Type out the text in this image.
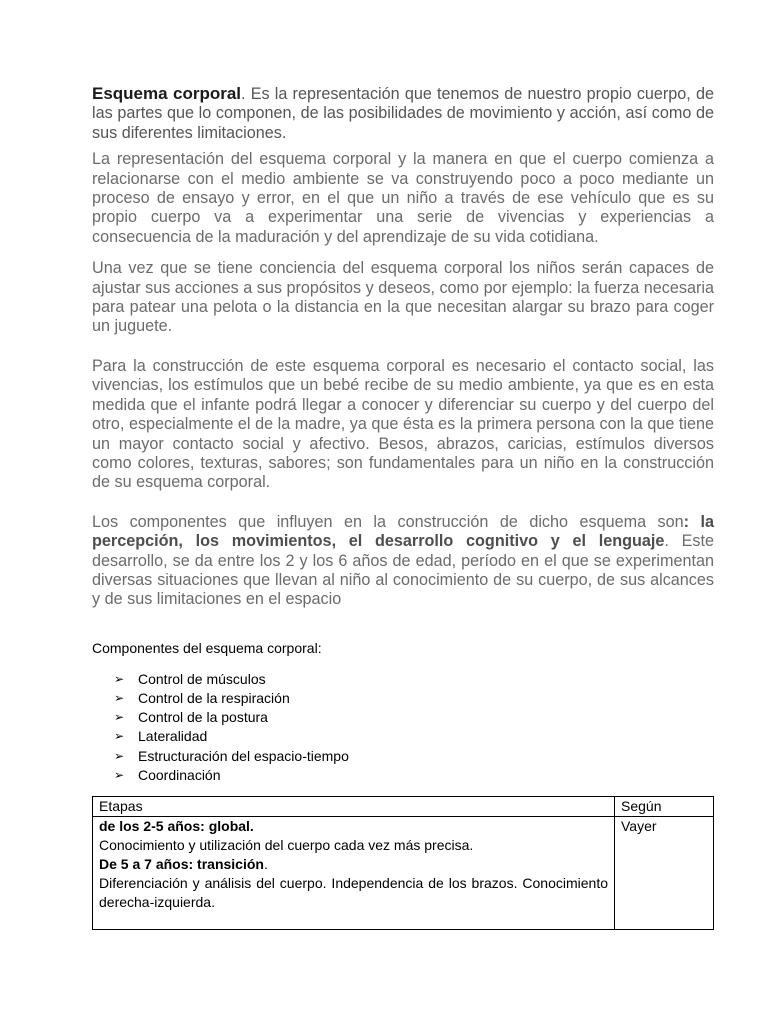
Esquema corporal. Es la representación que tenemos de nuestro propio cuerpo, de las partes que lo componen, de las posibilidades de movimiento y acción, así como de sus diferentes limitaciones.

La representación del esquema corporal y la manera en que el cuerpo comienza a relacionarse con el medio ambiente se va construyendo poco a poco mediante un proceso de ensayo y error, en el que un niño a través de ese vehículo que es su propio cuerpo va a experimentar una serie de vivencias y experiencias a consecuencia de la maduración y del aprendizaje de su vida cotidiana.

Una vez que se tiene conciencia del esquema corporal los niños serán capaces de ajustar sus acciones a sus propósitos y deseos, como por ejemplo: la fuerza necesaria para patear una pelota o la distancia en la que necesitan alargar su brazo para coger un juguete.

Para la construcción de este esquema corporal es necesario el contacto social, las vivencias, los estímulos que un bebé recibe de su medio ambiente, ya que es en esta medida que el infante podrá llegar a conocer y diferenciar su cuerpo y del cuerpo del otro, especialmente el de la madre, ya que ésta es la primera persona con la que tiene un mayor contacto social y afectivo. Besos, abrazos, caricias, estímulos diversos como colores, texturas, sabores; son fundamentales para un niño en la construcción de su esquema corporal.

Los componentes que influyen en la construcción de dicho esquema son: la percepción, los movimientos, el desarrollo cognitivo y el lenguaje. Este desarrollo, se da entre los 2 y los 6 años de edad, período en el que se experimentan diversas situaciones que llevan al niño al conocimiento de su cuerpo, de sus alcances y de sus limitaciones en el espacio

Componentes del esquema corporal:

➢ Control de músculos
➢ Control de la respiración
➢ Control de la postura
➢ Lateralidad
➢ Estructuración del espacio-tiempo
➢ Coordinación
Etapas	Según

de los 2-5 años: global.
Conocimiento y utilización del cuerpo cada vez más precisa.
De 5 a 7 años: transición.
Diferenciación y análisis del cuerpo. Independencia de los brazos. Conocimiento derecha-izquierda.	Vayer
